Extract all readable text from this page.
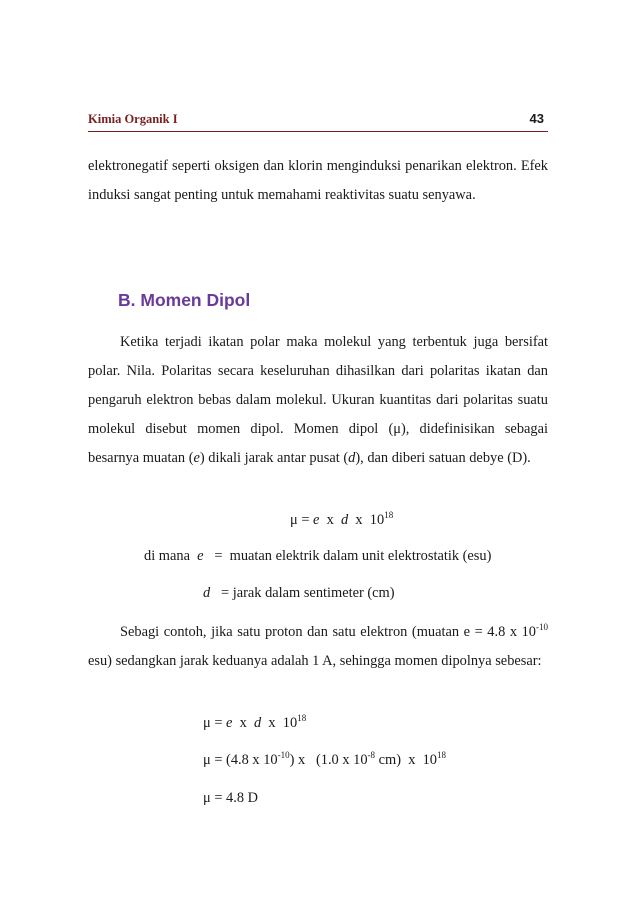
Kimia Organik I	43

elektronegatif seperti oksigen dan klorin menginduksi penarikan elektron. Efek induksi sangat penting untuk memahami reaktivitas suatu senyawa.

B. Momen Dipol

Ketika terjadi ikatan polar maka molekul yang terbentuk juga bersifat polar. Nila. Polaritas secara keseluruhan dihasilkan dari polaritas ikatan dan pengaruh elektron bebas dalam molekul. Ukuran kuantitas dari polaritas suatu molekul disebut momen dipol. Momen dipol (μ), didefinisikan sebagai besarnya muatan (e) dikali jarak antar pusat (d), dan diberi satuan debye (D).

μ = e  x  d  x  $10^{18}$
di mana  e   =  muatan elektrik dalam unit elektrostatik (esu)
d   = jarak dalam sentimeter (cm)

Sebagi contoh, jika satu proton dan satu elektron (muatan e = 4.8 x $10^{-10}$ esu) sedangkan jarak keduanya adalah 1 A, sehingga momen dipolnya sebesar:

μ = e  x  d  x  $10^{18}$
μ = (4.8 x $10^{-10}$) x   (1.0 x $10^{-8}$ cm)  x  $10^{18}$
μ = 4.8 D
